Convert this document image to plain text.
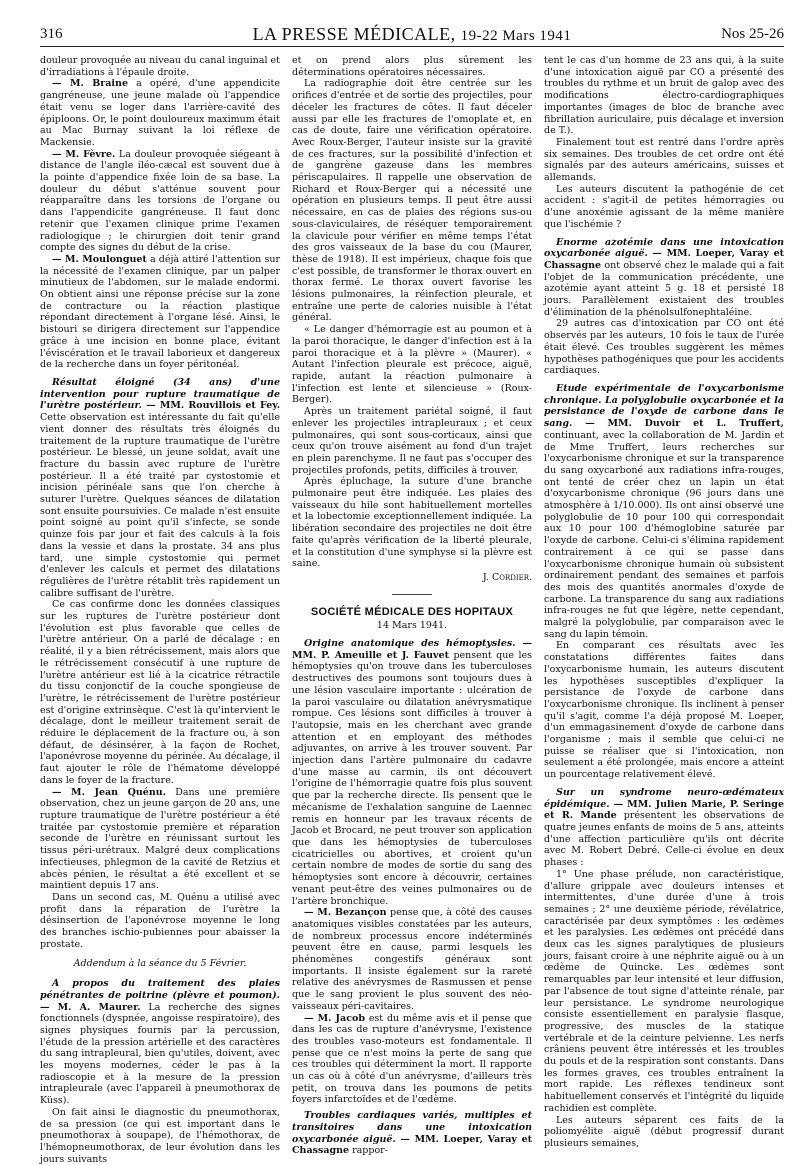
316	LA PRESSE MÉDICALE, 19-22 Mars 1941	Nos 25-26

douleur provoquée au niveau du canal inguinal et d'irradiations à l'épaule droite.

— M. Braine a opéré, d'une appendicite gangréneuse, une jeune malade où l'appendice était venu se loger dans l'arrière-cavité des épiploons. Or, le point douloureux maximum était au Mac Burnay suivant la loi réflexe de Mackensie.

— M. Fèvre. La douleur provoquée siégeant à distance de l'angle iléo-cæcal est souvent due à la pointe d'appendice fixée loin de sa base. La douleur du début s'atténue souvent pour réapparaître dans les torsions de l'organe ou dans l'appendicite gangréneuse. Il faut donc retenir que l'examen clinique prime l'examen radiologique ; le chirurgien doit tenir grand compte des signes du début de la crise.

— M. Moulonguet a déjà attiré l'attention sur la nécessité de l'examen clinique, par un palper minutieux de l'abdomen, sur le malade endormi. On obtient ainsi une réponse précise sur la zone de contracture ou la réaction plastique répondant directement à l'organe lésé. Ainsi, le bistouri se dirigera directement sur l'appendice grâce à une incision en bonne place, évitant l'éviscération et le travail laborieux et dangereux de la recherche dans un foyer péritonéal.

Résultat éloigné (34 ans) d'une intervention pour rupture traumatique de l'urètre postérieur. — MM. Rouvillois et Fey. Cette observation est intéressante du fait qu'elle vient donner des résultats très éloignés du traitement de la rupture traumatique de l'urètre postérieur. Le blessé, un jeune soldat, avait une fracture du bassin avec rupture de l'urètre postérieur. Il a été traité par cystostomie et incision périnéale sans que l'on cherche à suturer l'urètre. Quelques séances de dilatation sont ensuite poursuivies. Ce malade n'est ensuite point soigné au point qu'il s'infecte, se sonde quinze fois par jour et fait des calculs à la fois dans la vessie et dans la prostate. 34 ans plus tard, une simple cystostomie qui permet d'enlever les calculs et permet des dilatations régulières de l'urètre rétablit très rapidement un calibre suffisant de l'urètre.

Ce cas confirme donc les données classiques sur les ruptures de l'urètre postérieur dont l'évolution est plus favorable que celles de l'urètre antérieur. On a parlé de décalage : en réalité, il y a bien rétrécissement, mais alors que le rétrécissement consécutif à une rupture de l'urètre antérieur est lié à la cicatrice rétractile du tissu conjonctif de la couche spongieuse de l'urètre, le rétrécissement de l'urètre postérieur est d'origine extrinsèque. C'est là qu'intervient le décalage, dont le meilleur traitement serait de réduire le déplacement de la fracture ou, à son défaut, de désinsérer, à la façon de Rochet, l'aponévrose moyenne du périnée. Au décalage, il faut ajouter le rôle de l'hématome développé dans le foyer de la fracture.

— M. Jean Quénu. Dans une première observation, chez un jeune garçon de 20 ans, une rupture traumatique de l'urètre postérieur a été traitée par cystostomie première et réparation seconde de l'urètre en réunissant surtout les tissus péri-urétraux. Malgré deux complications infectieuses, phlegmon de la cavité de Retzius et abcès pénien, le résultat a été excellent et se maintient depuis 17 ans.

Dans un second cas, M. Quénu a utilisé avec profit dans la réparation de l'urètre la désinsertion de l'aponévrose moyenne le long des branches ischio-pubiennes pour abaisser la prostate.

Addendum à la séance du 5 Février.

A propos du traitement des plaies pénétrantes de poitrine (plèvre et poumon). — M. A. Maurer. La recherche des signes fonctionnels (dyspnée, angoisse respiratoire), des signes physiques fournis par la percussion, l'étude de la pression artérielle et des caractères du sang intrapleural, bien qu'utiles, doivent, avec les moyens modernes, céder le pas à la radioscopie et à la mesure de la pression intrapleurale (avec l'appareil à pneumothorax de Küss).

On fait ainsi le diagnostic du pneumothorax, de sa pression (ce qui est important dans le pneumothorax à soupape), de l'hémothorax, de l'hémopneumothorax, de leur évolution dans les jours suivants

et on prend alors plus sûrement les déterminations opératoires nécessaires.

La radiographie doit être centrée sur les orifices d'entrée et de sortie des projectiles, pour déceler les fractures de côtes. Il faut déceler aussi par elle les fractures de l'omoplate et, en cas de doute, faire une vérification opératoire. Avec Roux-Berger, l'auteur insiste sur la gravité de ces fractures, sur la possibilité d'infection et de gangrène gazeuse dans les membres périscapulaires. Il rappelle une observation de Richard et Roux-Berger qui a nécessité une opération en plusieurs temps. Il peut être aussi nécessaire, en cas de plaies des régions sus-ou sous-claviculaires, de réséquer temporairement la clavicule pour vérifier en même temps l'état des gros vaisseaux de la base du cou (Maurer, thèse de 1918). Il est impérieux, chaque fois que c'est possible, de transformer le thorax ouvert en thorax fermé. Le thorax ouvert favorise les lésions pulmonaires, la réinfection pleurale, et entraîne une perte de calories nuisible à l'état général.

« Le danger d'hémorragie est au poumon et à la paroi thoracique, le danger d'infection est à la paroi thoracique et à la plèvre » (Maurer). « Autant l'infection pleurale est précoce, aiguë, rapide, autant la réaction pulmonaire à l'infection est lente et silencieuse » (Roux-Berger).

Après un traitement pariétal soigné, il faut enlever les projectiles intrapleuraux ; et ceux pulmonaires, qui sont sous-corticaux, ainsi que ceux qu'on trouve aisément au fond d'un trajet en plein parenchyme. Il ne faut pas s'occuper des projectiles profonds, petits, difficiles à trouver.

Après épluchage, la suture d'une branche pulmonaire peut être indiquée. Les plaies des vaisseaux du hile sont habituellement mortelles et la lobectomie exceptionnellement indiquée. La libération secondaire des projectiles ne doit être faite qu'après vérification de la liberté pleurale, et la constitution d'une symphyse si la plèvre est saine.

J. Cordier.

SOCIÉTÉ MÉDICALE DES HOPITAUX

14 Mars 1941.

Origine anatomique des hémoptysies. — MM. P. Ameuille et J. Fauvet pensent que les hémoptysies qu'on trouve dans les tuberculoses destructives des poumons sont toujours dues à une lésion vasculaire importante : ulcération de la paroi vasculaire ou dilatation anévrysmatique rompue. Ces lésions sont difficiles à trouver à l'autopsie, mais en les cherchant avec grande attention et en employant des méthodes adjuvantes, on arrive à les trouver souvent. Par injection dans l'artère pulmonaire du cadavre d'une masse au carmin, ils ont découvert l'origine de l'hémorragie quatre fois plus souvent que par la recherche directe. Ils pensent que le mécanisme de l'exhalation sanguine de Laennec remis en honneur par les travaux récents de Jacob et Brocard, ne peut trouver son application que dans les hémoptysies de tuberculoses cicatricielles ou abortives, et croient qu'un certain nombre de modes de sortie du sang des hémoptysies sont encore à découvrir, certaines venant peut-être des veines pulmonaires ou de l'artère bronchique.

— M. Bezançon pense que, à côté des causes anatomiques visibles constatées par les auteurs, de nombreux processus encore indéterminés peuvent être en cause, parmi lesquels les phénomènes congestifs généraux sont importants. Il insiste également sur la rareté relative des anévrysmes de Rasmussen et pense que le sang provient le plus souvent des néo-vaisseaux péri-cavitaires.

— M. Jacob est du même avis et il pense que dans les cas de rupture d'anévrysme, l'existence des troubles vaso-moteurs est fondamentale. Il pense que ce n'est moins la perte de sang que ces troubles qui déterminent la mort. Il rapporte un cas où à côté d'un anévrysme, d'ailleurs très petit, on trouva dans les poumons de petits foyers infarctoïdes et de l'œdème.

Troubles cardiaques variés, multiples et transitoires dans une intoxication oxycarbonée aiguë. — MM. Loeper, Varay et Chassagne rappor-

tent le cas d'un homme de 23 ans qui, à la suite d'une intoxication aiguë par CO a présenté des troubles du rythme et un bruit de galop avec des modifications électro-cardiographiques importantes (images de bloc de branche avec fibrillation auriculaire, puis décalage et inversion de T.).

Finalement tout est rentré dans l'ordre après six semaines. Des troubles de cet ordre ont été signalés par des auteurs américains, suisses et allemands.

Les auteurs discutent la pathogénie de cet accident : s'agit-il de petites hémorragies ou d'une anoxémie agissant de la même manière que l'ischémie ?

Enorme azotémie dans une intoxication oxycarbonée aiguë. — MM. Loeper, Varay et Chassagne ont observé chez le malade qui a fait l'objet de la communication précédente, une azotémie ayant atteint 5 g. 18 et persisté 18 jours. Parallèlement existaient des troubles d'élimination de la phénolsulfonephtaléine.

29 autres cas d'intoxication par CO ont été observés par les auteurs, 10 fois le taux de l'urée était élevé. Ces troubles suggèrent les mêmes hypothèses pathogéniques que pour les accidents cardiaques.

Etude expérimentale de l'oxycarbonisme chronique. La polyglobulie oxycarbonée et la persistance de l'oxyde de carbone dans le sang. — MM. Duvoir et L. Truffert, continuant, avec la collaboration de M. Jardin et de Mme Truffert, leurs recherches sur l'oxycarbonisme chronique et sur la transparence du sang oxycarboné aux radiations infra-rouges, ont tenté de créer chez un lapin un état d'oxycarbonisme chronique (96 jours dans une atmosphère à 1/10.000). Ils ont ainsi observé une polyglobulie de 10 pour 100 qui correspondait aux 10 pour 100 d'hémoglobine saturée par l'oxyde de carbone. Celui-ci s'élimina rapidement contrairement à ce qui se passe dans l'oxycarbonisme chronique humain où subsistent ordinairement pendant des semaines et parfois des mois des quantités anormales d'oxyde de carbone. La transparence du sang aux radiations infra-rouges ne fut que légère, nette cependant, malgré la polyglobulie, par comparaison avec le sang du lapin témoin.

En comparant ces résultats avec les constatations différentes faites dans l'oxycarbonisme humain, les auteurs discutent les hypothèses susceptibles d'expliquer la persistance de l'oxyde de carbone dans l'oxycarbonisme chronique. Ils inclinent à penser qu'il s'agit, comme l'a déjà proposé M. Loeper, d'un emmagasinement d'oxyde de carbone dans l'organisme ; mais il semble que celui-ci ne puisse se réaliser que si l'intoxication, non seulement a été prolongée, mais encore a atteint un pourcentage relativement élevé.

Sur un syndrome neuro-œdémateux épidémique. — MM. Julien Marie, P. Seringe et R. Mande présentent les observations de quatre jeunes enfants de moins de 5 ans, atteints d'une affection particulière qu'ils ont décrite avec M. Robert Debré. Celle-ci évolue en deux phases :

1° Une phase prélude, non caractéristique, d'allure grippale avec douleurs intenses et intermittentes, d'une durée d'une à trois semaines ; 2° une deuxième période, révélatrice, caractérisée par deux symptômes : les œdèmes et les paralysies. Les œdèmes ont précédé dans deux cas les signes paralytiques de plusieurs jours, faisant croire à une néphrite aiguë ou à un œdème de Quincke. Les œdèmes sont remarquables par leur intensité et leur diffusion, par l'absence de tout signe d'atteinte rénale, par leur persistance. Le syndrome neurologique consiste essentiellement en paralysie flasque, progressive, des muscles de la statique vertébrale et de la ceinture pelvienne. Les nerfs crâniens peuvent être intéressés et les troubles du pouls et de la respiration sont constants. Dans les formes graves, ces troubles entraînent la mort rapide. Les réflexes tendineux sont habituellement conservés et l'intégrité du liquide rachidien est complète.

Les auteurs séparent ces faits de la poliomyélite aiguë (début progressif durant plusieurs semaines,
